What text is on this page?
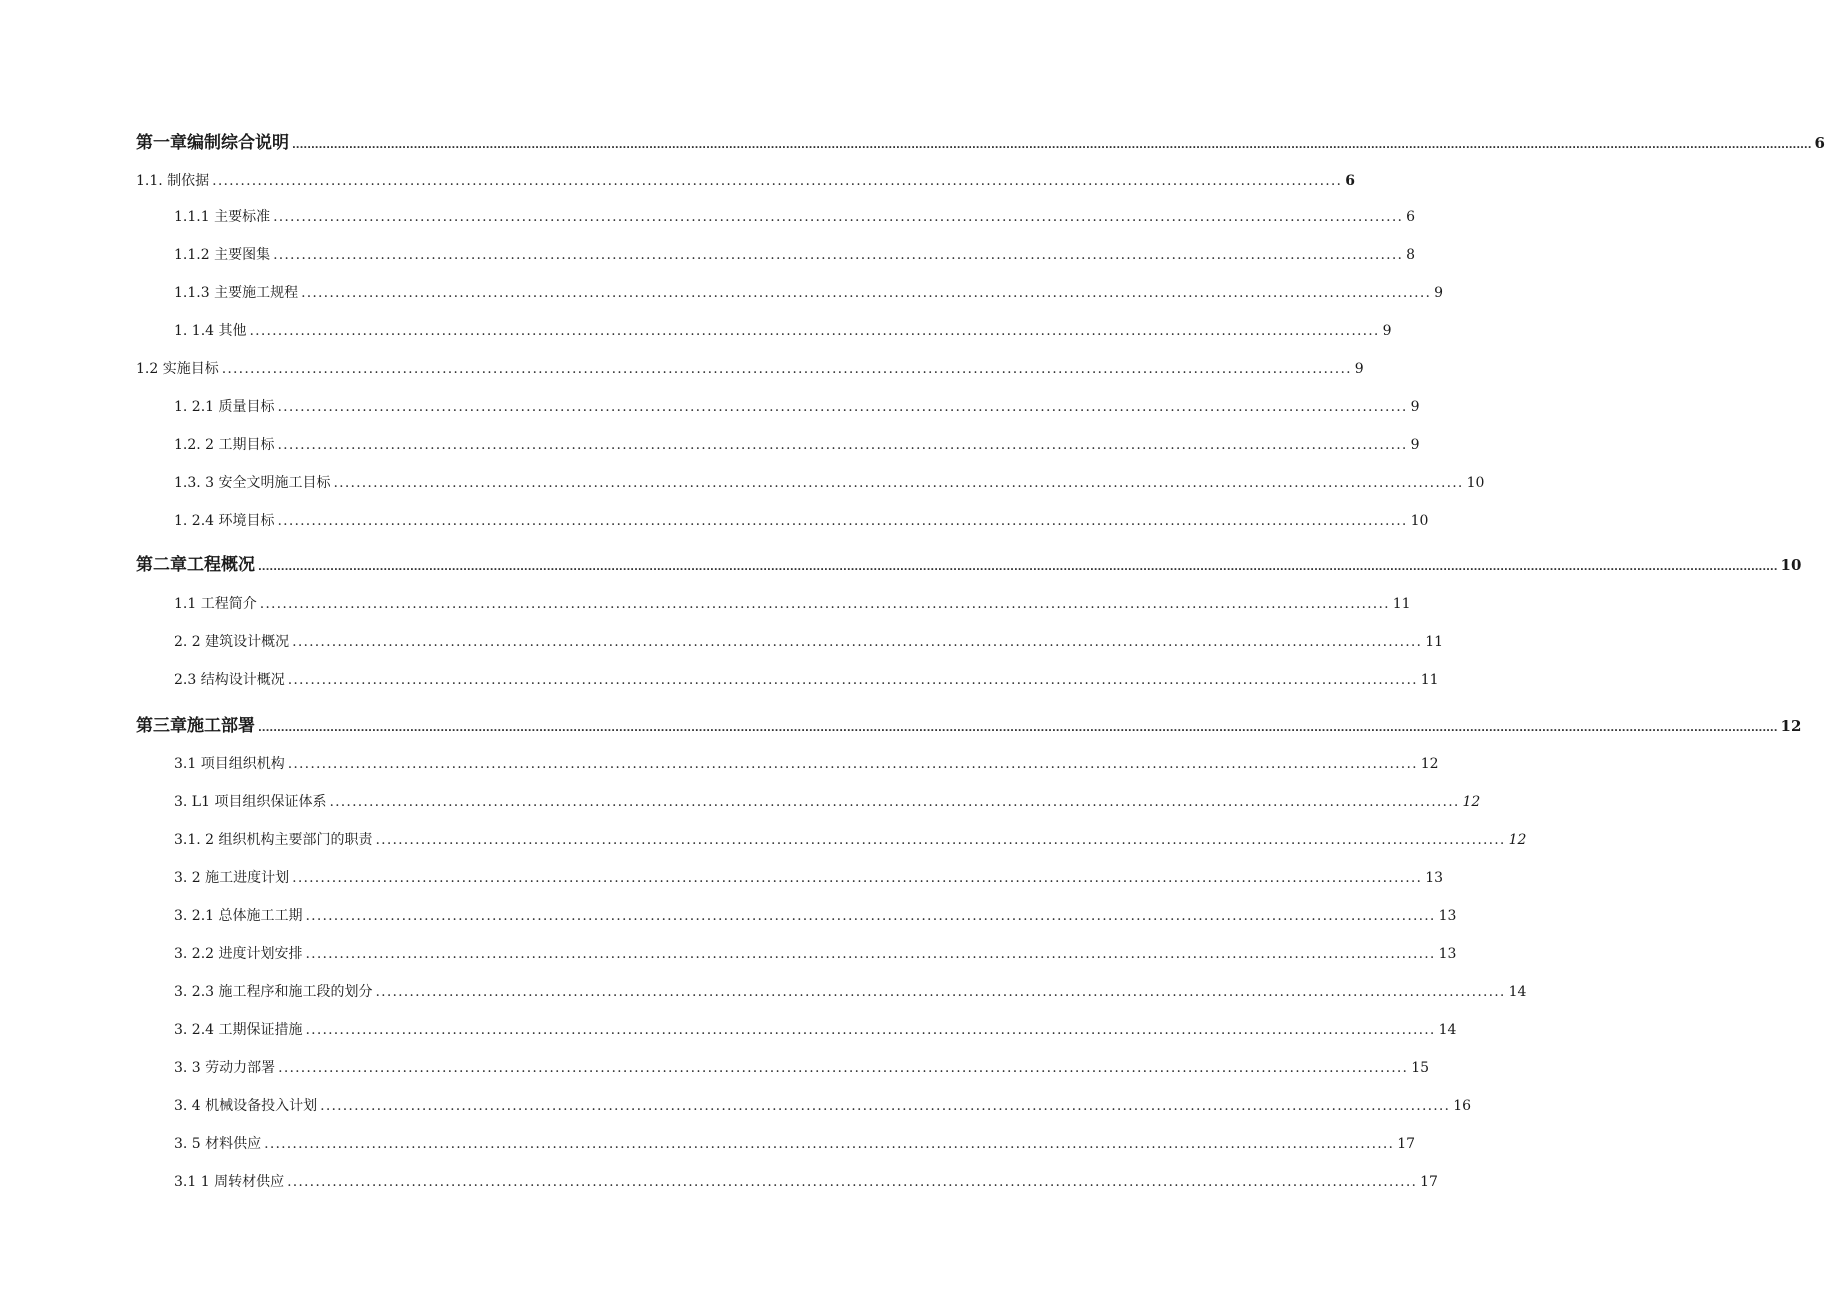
第一章编制综合说明 ................................................................................................................................................................................................................................................................................................................................................................................................................ 6
1.1. 制依据 ........................................................................................................................................................................................................ 6
1.1.1 主要标准 ........................................................................................................................................................................................................ 6
1.1.2 主要图集 ........................................................................................................................................................................................................ 8
1.1.3 主要施工规程 ........................................................................................................................................................................................................ 9
1. 1.4 其他 ........................................................................................................................................................................................................ 9
1.2 实施目标 ........................................................................................................................................................................................................ 9
1. 2.1 质量目标 ........................................................................................................................................................................................................ 9
1.2. 2 工期目标 ........................................................................................................................................................................................................ 9
1.3. 3 安全文明施工目标 ........................................................................................................................................................................................................ 10
1. 2.4 环境目标 ........................................................................................................................................................................................................ 10
第二章工程概况 ................................................................................................................................................................................................................................................................................................................................................................................................................ 10
1.1 工程简介 ........................................................................................................................................................................................................ 11
2. 2 建筑设计概况 ........................................................................................................................................................................................................ 11
2.3 结构设计概况 ........................................................................................................................................................................................................ 11
第三章施工部署 ................................................................................................................................................................................................................................................................................................................................................................................................................ 12
3.1 项目组织机构 ........................................................................................................................................................................................................ 12
3. L1 项目组织保证体系 ........................................................................................................................................................................................................ 12
3.1. 2 组织机构主要部门的职责 ........................................................................................................................................................................................................ 12
3. 2 施工进度计划 ........................................................................................................................................................................................................ 13
3. 2.1 总体施工工期 ........................................................................................................................................................................................................ 13
3. 2.2 进度计划安排 ........................................................................................................................................................................................................ 13
3. 2.3 施工程序和施工段的划分 ........................................................................................................................................................................................................ 14
3. 2.4 工期保证措施 ........................................................................................................................................................................................................ 14
3. 3 劳动力部署 ........................................................................................................................................................................................................ 15
3. 4 机械设备投入计划 ........................................................................................................................................................................................................ 16
3. 5 材料供应 ........................................................................................................................................................................................................ 17
3.1 1 周转材供应 ........................................................................................................................................................................................................ 17
